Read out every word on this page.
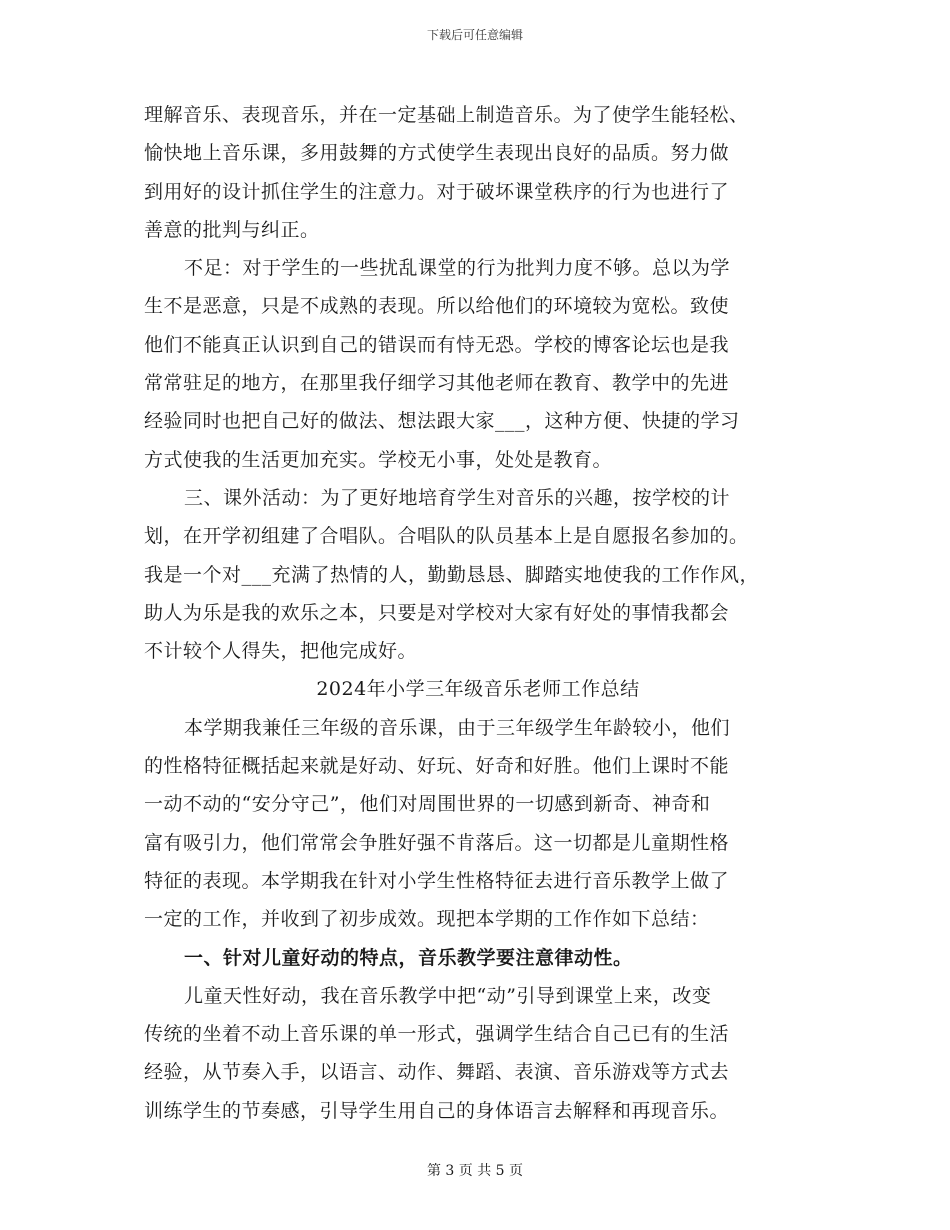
下载后可任意编辑
理解音乐、表现音乐，并在一定基础上制造音乐。为了使学生能轻松、
愉快地上音乐课，多用鼓舞的方式使学生表现出良好的品质。努力做
到用好的设计抓住学生的注意力。对于破坏课堂秩序的行为也进行了
善意的批判与纠正。
不足：对于学生的一些扰乱课堂的行为批判力度不够。总以为学
生不是恶意，只是不成熟的表现。所以给他们的环境较为宽松。致使
他们不能真正认识到自己的错误而有恃无恐。学校的博客论坛也是我
常常驻足的地方，在那里我仔细学习其他老师在教育、教学中的先进
经验同时也把自己好的做法、想法跟大家___，这种方便、快捷的学习
方式使我的生活更加充实。学校无小事，处处是教育。
三、课外活动：为了更好地培育学生对音乐的兴趣，按学校的计
划，在开学初组建了合唱队。合唱队的队员基本上是自愿报名参加的。
我是一个对___充满了热情的人，勤勤恳恳、脚踏实地使我的工作作风，
助人为乐是我的欢乐之本，只要是对学校对大家有好处的事情我都会
不计较个人得失，把他完成好。
2024年小学三年级音乐老师工作总结
本学期我兼任三年级的音乐课，由于三年级学生年龄较小，他们
的性格特征概括起来就是好动、好玩、好奇和好胜。他们上课时不能
一动不动的“安分守己”，他们对周围世界的一切感到新奇、神奇和
富有吸引力，他们常常会争胜好强不肯落后。这一切都是儿童期性格
特征的表现。本学期我在针对小学生性格特征去进行音乐教学上做了
一定的工作，并收到了初步成效。现把本学期的工作作如下总结：
一、针对儿童好动的特点，音乐教学要注意律动性。
儿童天性好动，我在音乐教学中把“动”引导到课堂上来，改变
传统的坐着不动上音乐课的单一形式，强调学生结合自己已有的生活
经验，从节奏入手，以语言、动作、舞蹈、表演、音乐游戏等方式去
训练学生的节奏感，引导学生用自己的身体语言去解释和再现音乐。
第 3 页 共 5 页
